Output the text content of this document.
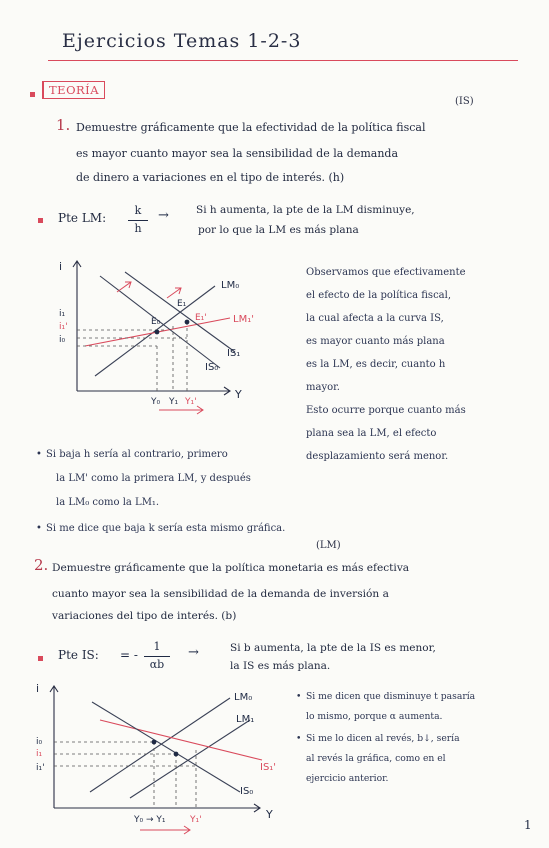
Ejercicios Temas 1-2-3
TEORÍA
(IS)
1. Demuestre gráficamente que la efectividad de la política fiscal
es mayor cuanto mayor sea la sensibilidad de la demanda
de dinero a variaciones en el tipo de interés. (h)
Pte LM:
k
h
→	Si h aumenta, la pte de la LM disminuye,
por lo que la LM es más plana
i
Y
i₁
i₁'
i₀
LM₀
LM₁'
IS₁
IS₀
E₀
E₁
E₁'
Y₀ Y₁ Y₁'
Observamos que efectivamente
el efecto de la política fiscal,
la cual afecta a la curva IS,
es mayor cuanto más plana
es la LM, es decir, cuanto h
mayor.
Esto ocurre porque cuanto más
plana sea la LM, el efecto
desplazamiento será menor.
• Si baja h sería al contrario, primero
la LM' como la primera LM, y después
la LM₀ como la LM₁.
• Si me dice que baja k sería esta mismo gráfica.
(LM)
2. Demuestre gráficamente que la política monetaria es más efectiva
cuanto mayor sea la sensibilidad de la demanda de inversión a
variaciones del tipo de interés. (b)
Pte IS: = -
1
αb
→	Si b aumenta, la pte de la IS es menor,
la IS es más plana.
i
Y
i₀
i₁
i₁'
LM₀
LM₁
IS₁'
IS₀
Y₀ → Y₁	Y₁'
• Si me dicen que disminuye t pasaría
lo mismo, porque α aumenta.
• Si me lo dicen al revés, b↓, sería
al revés la gráfica, como en el
ejercicio anterior.
1
